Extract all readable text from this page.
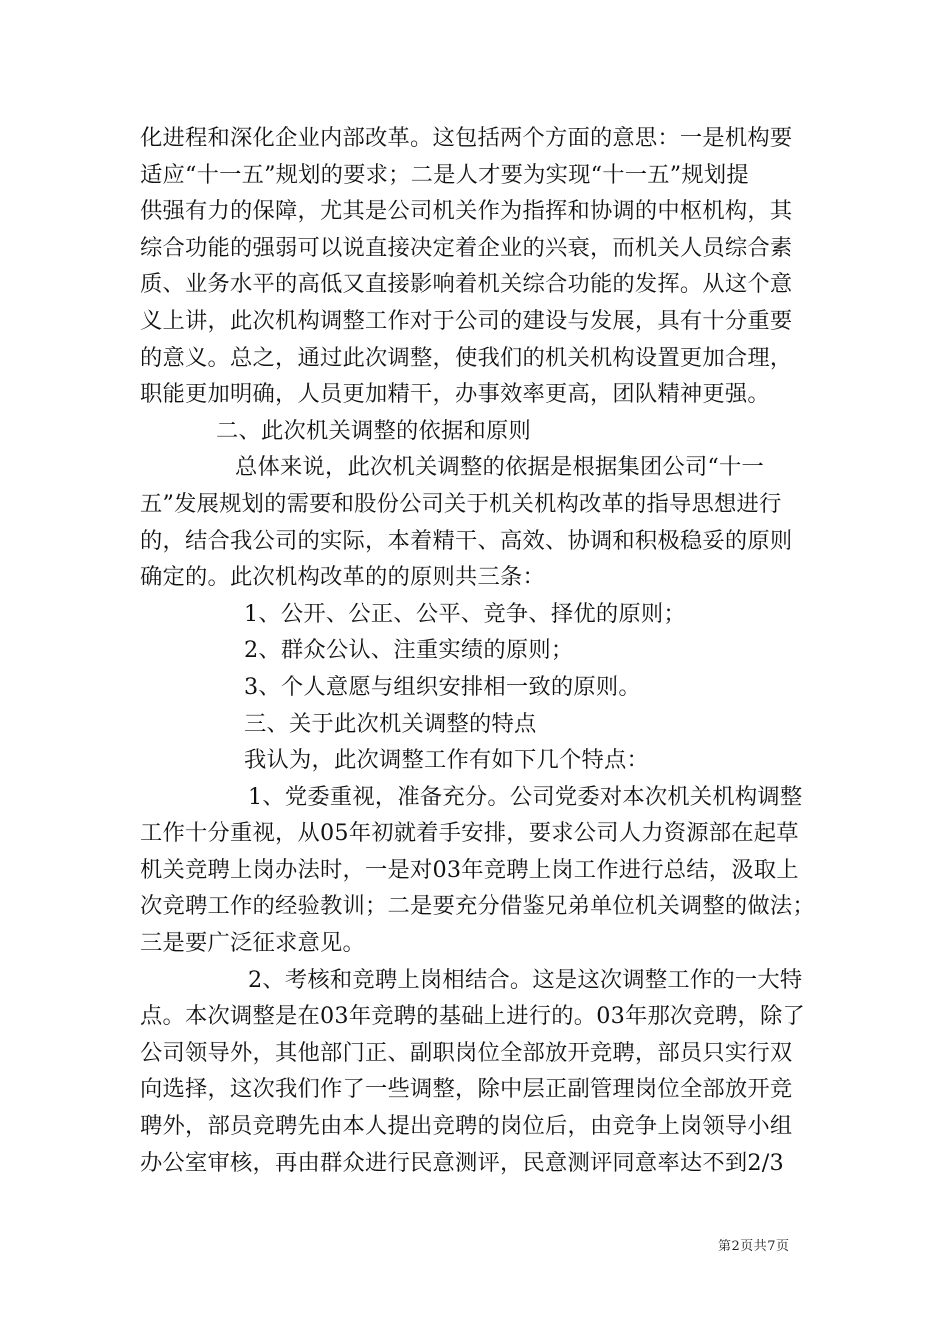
化进程和深化企业内部改革。这包括两个方面的意思：一是机构要
适应“十一五”规划的要求；二是人才要为实现“十一五”规划提
供强有力的保障，尤其是公司机关作为指挥和协调的中枢机构，其
综合功能的强弱可以说直接决定着企业的兴衰，而机关人员综合素
质、业务水平的高低又直接影响着机关综合功能的发挥。从这个意
义上讲，此次机构调整工作对于公司的建设与发展，具有十分重要
的意义。总之，通过此次调整，使我们的机关机构设置更加合理，
职能更加明确，人员更加精干，办事效率更高，团队精神更强。
二、此次机关调整的依据和原则
总体来说，此次机关调整的依据是根据集团公司“十一
五”发展规划的需要和股份公司关于机关机构改革的指导思想进行
的，结合我公司的实际，本着精干、高效、协调和积极稳妥的原则
确定的。此次机构改革的的原则共三条：
1、公开、公正、公平、竞争、择优的原则；
2、群众公认、注重实绩的原则；
3、个人意愿与组织安排相一致的原则。
三、关于此次机关调整的特点
我认为，此次调整工作有如下几个特点：
1、党委重视，准备充分。公司党委对本次机关机构调整
工作十分重视，从05年初就着手安排，要求公司人力资源部在起草
机关竞聘上岗办法时，一是对03年竞聘上岗工作进行总结，汲取上
次竞聘工作的经验教训；二是要充分借鉴兄弟单位机关调整的做法；
三是要广泛征求意见。
2、考核和竞聘上岗相结合。这是这次调整工作的一大特
点。本次调整是在03年竞聘的基础上进行的。03年那次竞聘，除了
公司领导外，其他部门正、副职岗位全部放开竞聘，部员只实行双
向选择，这次我们作了一些调整，除中层正副管理岗位全部放开竞
聘外，部员竞聘先由本人提出竞聘的岗位后，由竞争上岗领导小组
办公室审核，再由群众进行民意测评，民意测评同意率达不到2/3
第2页共7页
